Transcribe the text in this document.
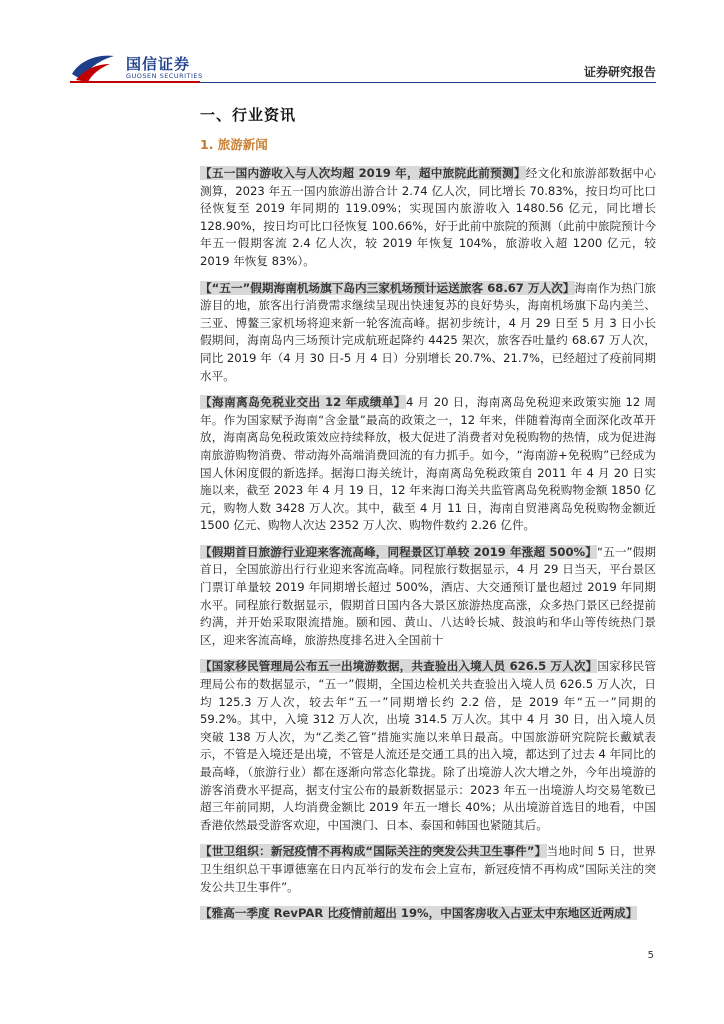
国信证券
GUOSEN SECURITIES	证券研究报告
一、行业资讯
1. 旅游新闻

【五一国内游收入与人次均超 2019 年，超中旅院此前预测】经文化和旅游部数据中心测算，2023 年五一国内旅游出游合计 2.74 亿人次，同比增长 70.83%，按日均可比口径恢复至 2019 年同期的 119.09%；实现国内旅游收入 1480.56 亿元，同比增长 128.90%，按日均可比口径恢复 100.66%，好于此前中旅院的预测（此前中旅院预计今年五一假期客流 2.4 亿人次，较 2019 年恢复 104%，旅游收入超 1200 亿元，较 2019 年恢复 83%）。

【“五一”假期海南机场旗下岛内三家机场预计运送旅客 68.67 万人次】海南作为热门旅游目的地，旅客出行消费需求继续呈现出快速复苏的良好势头，海南机场旗下岛内美兰、三亚、博鳌三家机场将迎来新一轮客流高峰。据初步统计，4 月 29 日至 5 月 3 日小长假期间，海南岛内三场预计完成航班起降约 4425 架次，旅客吞吐量约 68.67 万人次，同比 2019 年（4 月 30 日-5 月 4 日）分别增长 20.7%、21.7%，已经超过了疫前同期水平。

【海南离岛免税业交出 12 年成绩单】4 月 20 日，海南离岛免税迎来政策实施 12 周年。作为国家赋予海南“含金量”最高的政策之一，12 年来，伴随着海南全面深化改革开放，海南离岛免税政策效应持续释放，极大促进了消费者对免税购物的热情，成为促进海南旅游购物消费、带动海外高端消费回流的有力抓手。如今，“海南游+免税购”已经成为国人休闲度假的新选择。据海口海关统计，海南离岛免税政策自 2011 年 4 月 20 日实施以来，截至 2023 年 4 月 19 日，12 年来海口海关共监管离岛免税购物金额 1850 亿元，购物人数 3428 万人次。其中，截至 4 月 11 日，海南自贸港离岛免税购物金额近 1500 亿元、购物人次达 2352 万人次、购物件数约 2.26 亿件。

【假期首日旅游行业迎来客流高峰，同程景区订单较 2019 年涨超 500%】“五一”假期首日，全国旅游出行行业迎来客流高峰。同程旅行数据显示，4 月 29 日当天，平台景区门票订单量较 2019 年同期增长超过 500%，酒店、大交通预订量也超过 2019 年同期水平。同程旅行数据显示，假期首日国内各大景区旅游热度高涨，众多热门景区已经提前约满，并开始采取限流措施。颐和园、黄山、八达岭长城、鼓浪屿和华山等传统热门景区，迎来客流高峰，旅游热度排名进入全国前十

【国家移民管理局公布五一出境游数据，共查验出入境人员 626.5 万人次】国家移民管理局公布的数据显示，“五一”假期，全国边检机关共查验出入境人员 626.5 万人次，日均 125.3 万人次，较去年“五一”同期增长约 2.2 倍，是 2019 年“五一”同期的 59.2%。其中，入境 312 万人次，出境 314.5 万人次。其中 4 月 30 日，出入境人员突破 138 万人次，为“乙类乙管”措施实施以来单日最高。中国旅游研究院院长戴斌表示，不管是入境还是出境，不管是人流还是交通工具的出入境，都达到了过去 4 年同比的最高峰，（旅游行业）都在逐渐向常态化靠拢。除了出境游人次大增之外，今年出境游的游客消费水平提高，据支付宝公布的最新数据显示：2023 年五一出境游人均交易笔数已超三年前同期，人均消费金额比 2019 年五一增长 40%；从出境游首选目的地看，中国香港依然最受游客欢迎，中国澳门、日本、泰国和韩国也紧随其后。

【世卫组织：新冠疫情不再构成“国际关注的突发公共卫生事件”】当地时间 5 日，世界卫生组织总干事谭德塞在日内瓦举行的发布会上宣布，新冠疫情不再构成“国际关注的突发公共卫生事件”。

【雅高一季度 RevPAR 比疫情前超出 19%，中国客房收入占亚太中东地区近两成】

5
